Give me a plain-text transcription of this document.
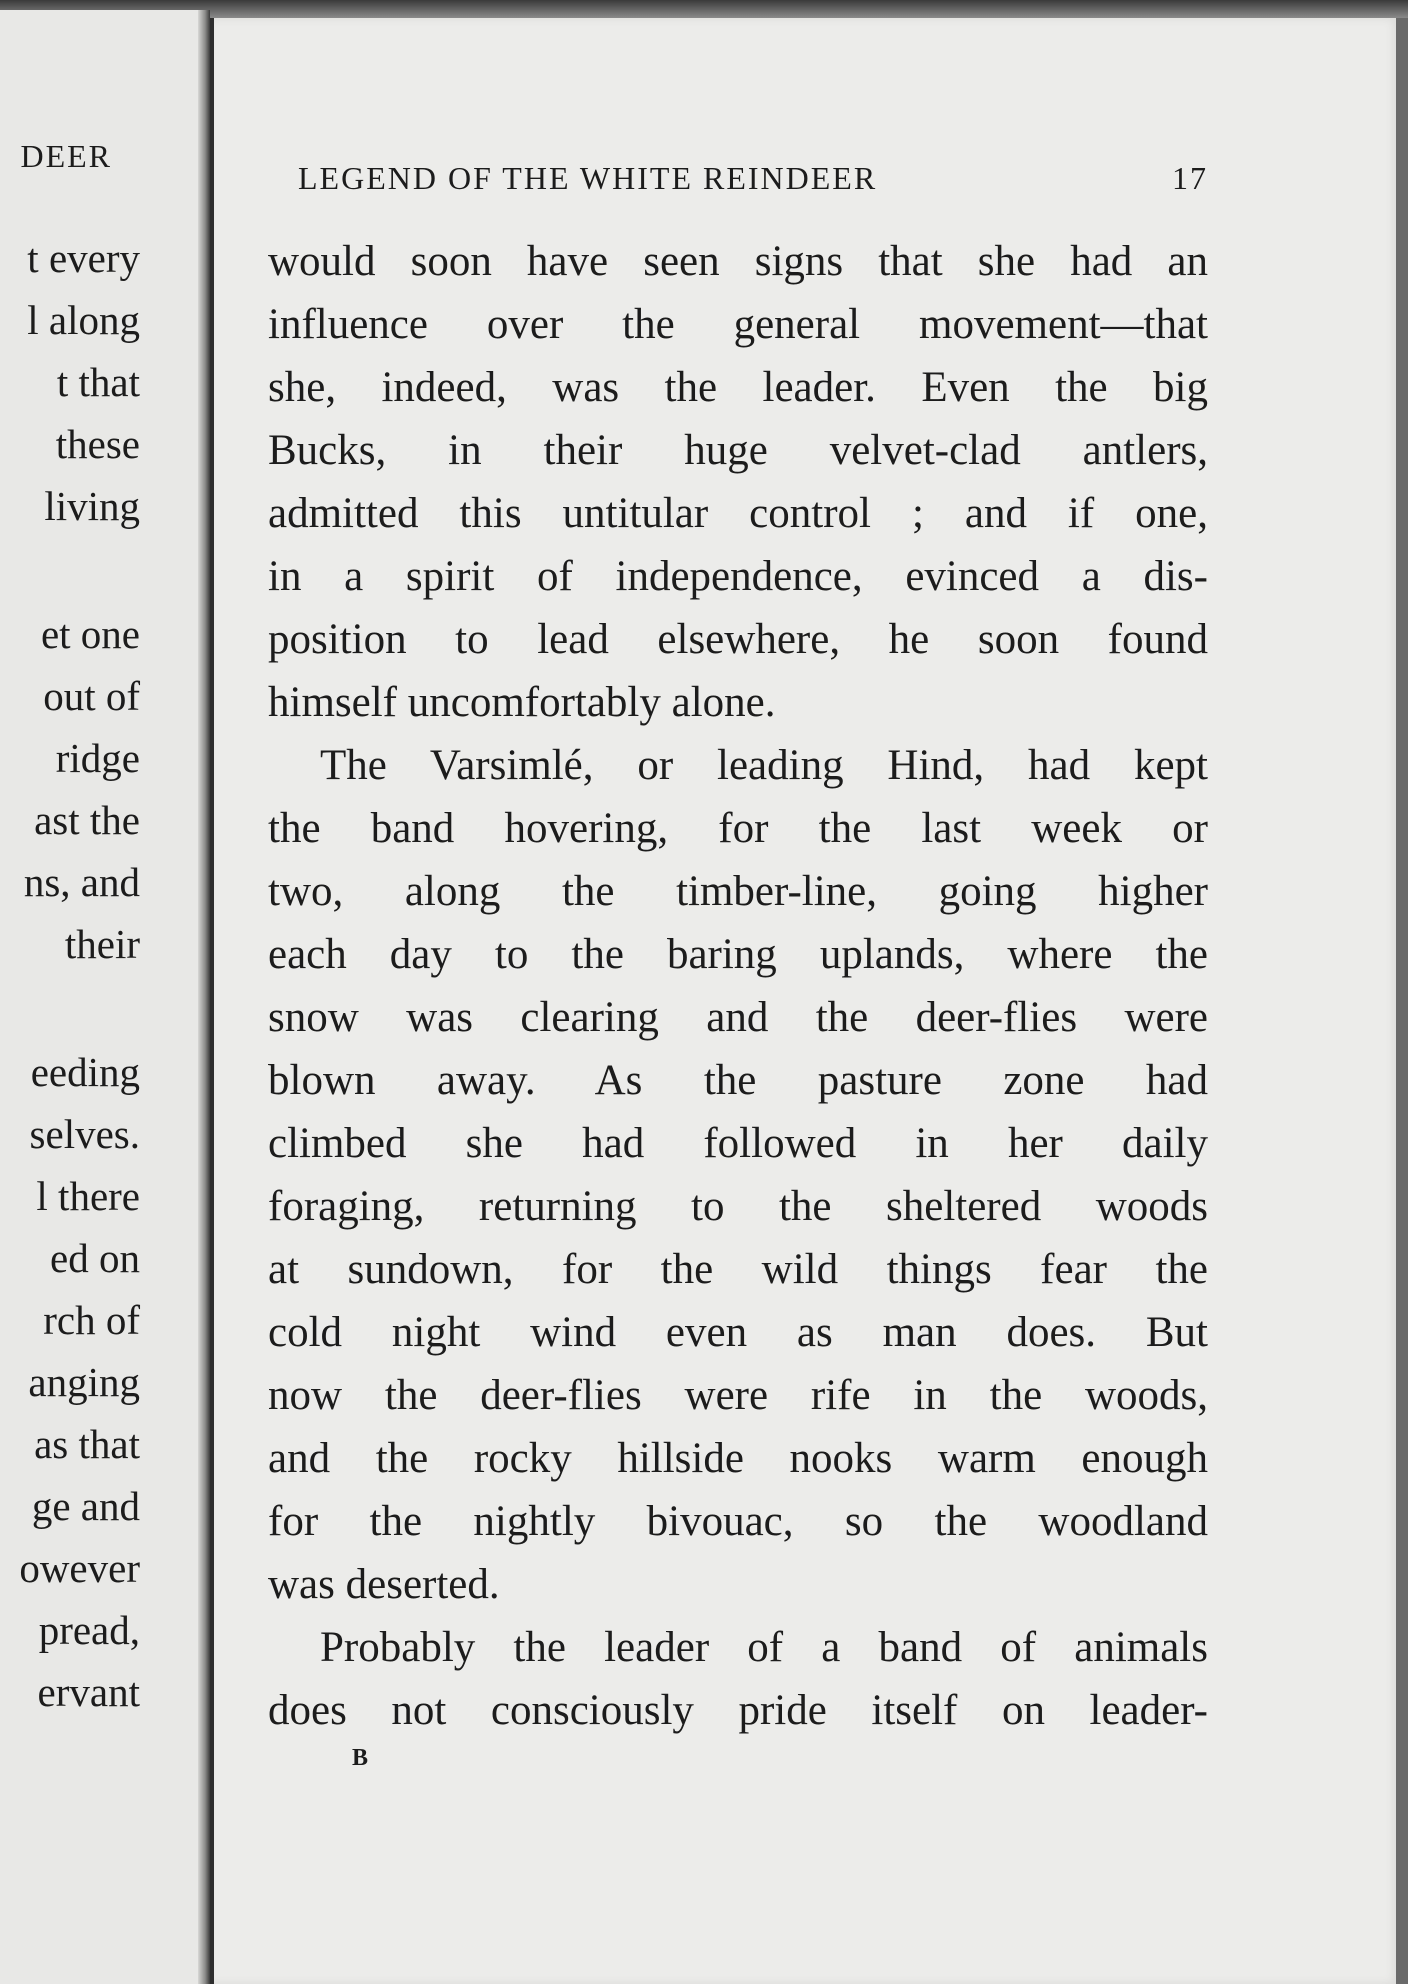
DEER
t every
l along
t that
these
living
et one
out of
ridge
ast the
ns, and
their
eeding
selves.
l there
ed on
rch of
anging
as that
ge and
owever
pread,
ervant
LEGEND OF THE WHITE REINDEER	17
would soon have seen signs that she had an
influence over the general movement—that
she, indeed, was the leader. Even the big
Bucks, in their huge velvet-clad antlers,
admitted this untitular control ; and if one,
in a spirit of independence, evinced a dis-
position to lead elsewhere, he soon found
himself uncomfortably alone.
The Varsimlé, or leading Hind, had kept
the band hovering, for the last week or
two, along the timber-line, going higher
each day to the baring uplands, where the
snow was clearing and the deer-flies were
blown away. As the pasture zone had
climbed she had followed in her daily
foraging, returning to the sheltered woods
at sundown, for the wild things fear the
cold night wind even as man does. But
now the deer-flies were rife in the woods,
and the rocky hillside nooks warm enough
for the nightly bivouac, so the woodland
was deserted.
Probably the leader of a band of animals
does not consciously pride itself on leader-
B
